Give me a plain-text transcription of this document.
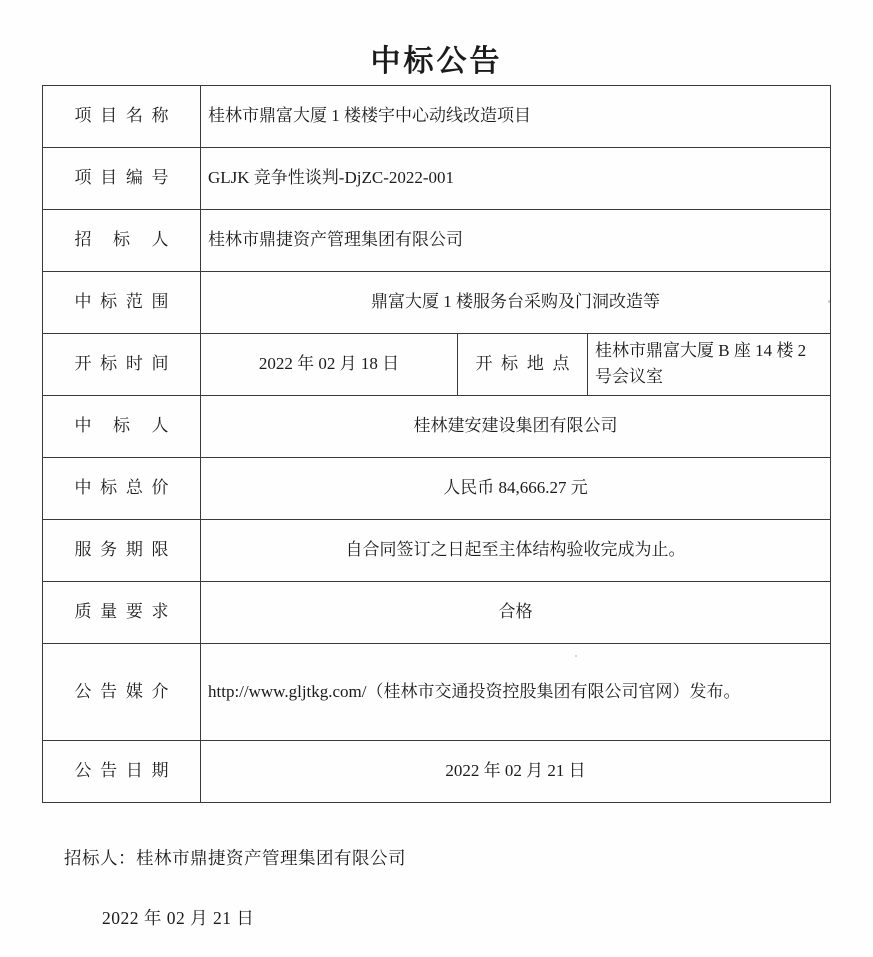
中标公告
项目名称	桂林市鼎富大厦 1 楼楼宇中心动线改造项目		
项目编号	GLJK 竞争性谈判-DjZC-2022-001		
招标人	桂林市鼎捷资产管理集团有限公司		
中标范围	鼎富大厦 1 楼服务台采购及门洞改造等		
开标时间	2022 年 02 月 18 日	开标地点	桂林市鼎富大厦 B 座 14 楼 2 号会议室
中标人	桂林建安建设集团有限公司		
中标总价	人民币 84,666.27 元		
服务期限	自合同签订之日起至主体结构验收完成为止。		
质量要求	合格		
公告媒介	http://www.gljtkg.com/（桂林市交通投资控股集团有限公司官网）发布。		
公告日期	2022 年 02 月 21 日		
招标人：桂林市鼎捷资产管理集团有限公司
2022 年 02 月 21 日
